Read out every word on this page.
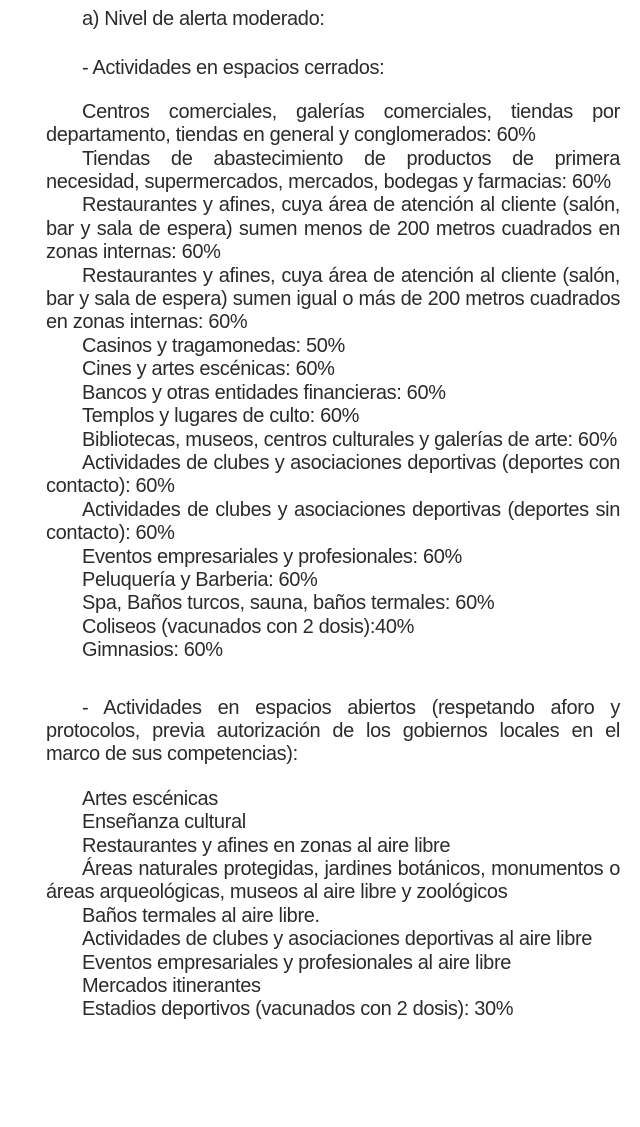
a) Nivel de alerta moderado:

- Actividades en espacios cerrados:

Centros comerciales, galerías comerciales, tiendas por departamento, tiendas en general y conglomerados: 60%
Tiendas de abastecimiento de productos de primera necesidad, supermercados, mercados, bodegas y farmacias: 60%
Restaurantes y afines, cuya área de atención al cliente (salón, bar y sala de espera) sumen menos de 200 metros cuadrados en zonas internas: 60%
Restaurantes y afines, cuya área de atención al cliente (salón, bar y sala de espera) sumen igual o más de 200 metros cuadrados en zonas internas: 60%
Casinos y tragamonedas: 50%
Cines y artes escénicas: 60%
Bancos y otras entidades financieras: 60%
Templos y lugares de culto: 60%
Bibliotecas, museos, centros culturales y galerías de arte: 60%
Actividades de clubes y asociaciones deportivas (deportes con contacto): 60%
Actividades de clubes y asociaciones deportivas (deportes sin contacto): 60%
Eventos empresariales y profesionales: 60%
Peluquería y Barberia: 60%
Spa, Baños turcos, sauna, baños termales: 60%
Coliseos (vacunados con 2 dosis):40%
Gimnasios: 60%

- Actividades en espacios abiertos (respetando aforo y protocolos, previa autorización de los gobiernos locales en el marco de sus competencias):

Artes escénicas
Enseñanza cultural
Restaurantes y afines en zonas al aire libre
Áreas naturales protegidas, jardines botánicos, monumentos o áreas arqueológicas, museos al aire libre y zoológicos
Baños termales al aire libre.
Actividades de clubes y asociaciones deportivas al aire libre
Eventos empresariales y profesionales al aire libre
Mercados itinerantes
Estadios deportivos (vacunados con 2 dosis): 30%
